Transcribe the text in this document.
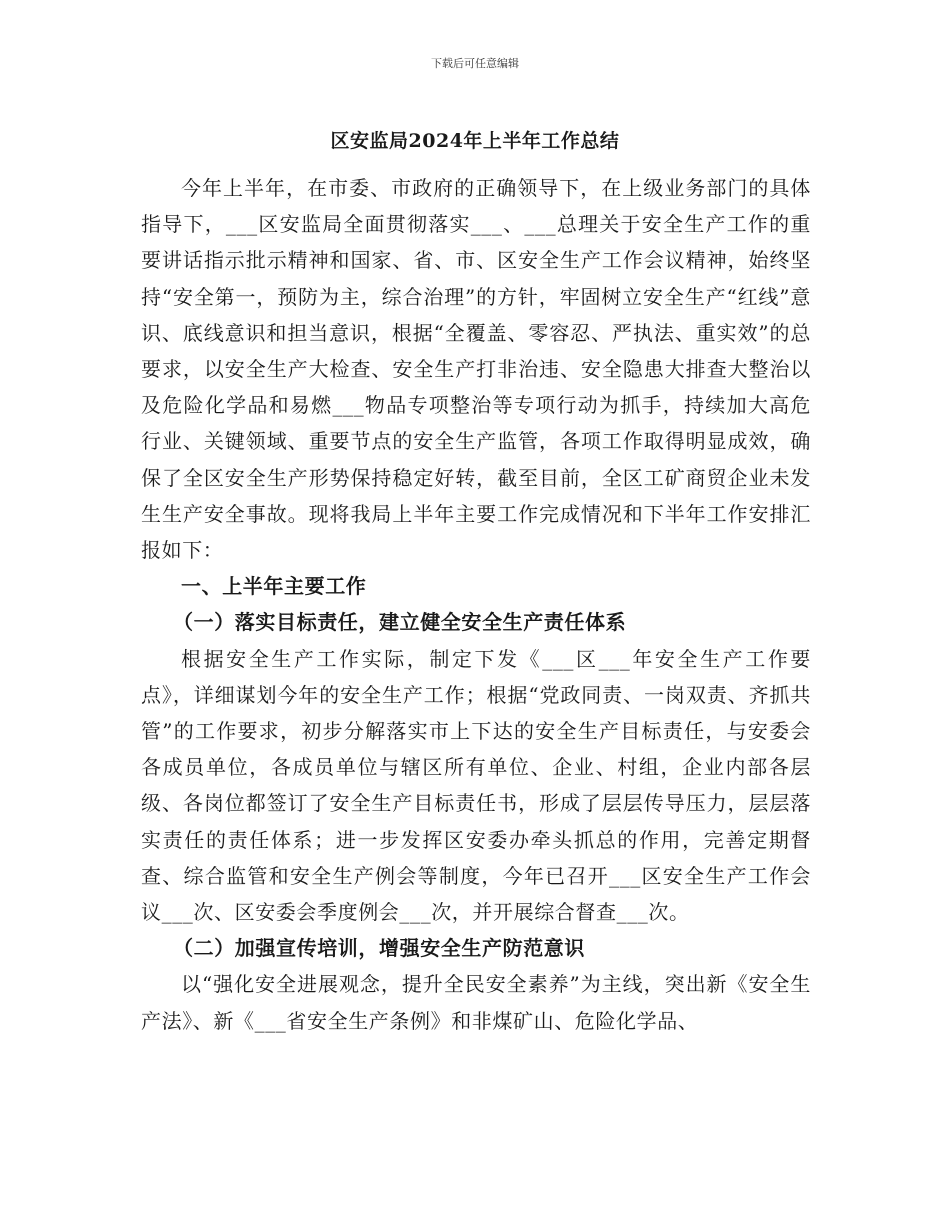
下载后可任意编辑
区安监局2024年上半年工作总结

今年上半年，在市委、市政府的正确领导下，在上级业务部门的具体指导下，___区安监局全面贯彻落实___、___总理关于安全生产工作的重要讲话指示批示精神和国家、省、市、区安全生产工作会议精神，始终坚持“安全第一，预防为主，综合治理”的方针，牢固树立安全生产“红线”意识、底线意识和担当意识，根据“全覆盖、零容忍、严执法、重实效”的总要求，以安全生产大检查、安全生产打非治违、安全隐患大排查大整治以及危险化学品和易燃___物品专项整治等专项行动为抓手，持续加大高危行业、关键领域、重要节点的安全生产监管，各项工作取得明显成效，确保了全区安全生产形势保持稳定好转，截至目前，全区工矿商贸企业未发生生产安全事故。现将我局上半年主要工作完成情况和下半年工作安排汇报如下：

一、上半年主要工作

（一）落实目标责任，建立健全安全生产责任体系

根据安全生产工作实际，制定下发《___区___年安全生产工作要点》，详细谋划今年的安全生产工作；根据“党政同责、一岗双责、齐抓共管”的工作要求，初步分解落实市上下达的安全生产目标责任，与安委会各成员单位，各成员单位与辖区所有单位、企业、村组，企业内部各层级、各岗位都签订了安全生产目标责任书，形成了层层传导压力，层层落实责任的责任体系；进一步发挥区安委办牵头抓总的作用，完善定期督查、综合监管和安全生产例会等制度，今年已召开___区安全生产工作会议___次、区安委会季度例会___次，并开展综合督查___次。

（二）加强宣传培训，增强安全生产防范意识

以“强化安全进展观念，提升全民安全素养”为主线，突出新《安全生产法》、新《___省安全生产条例》和非煤矿山、危险化学品、
